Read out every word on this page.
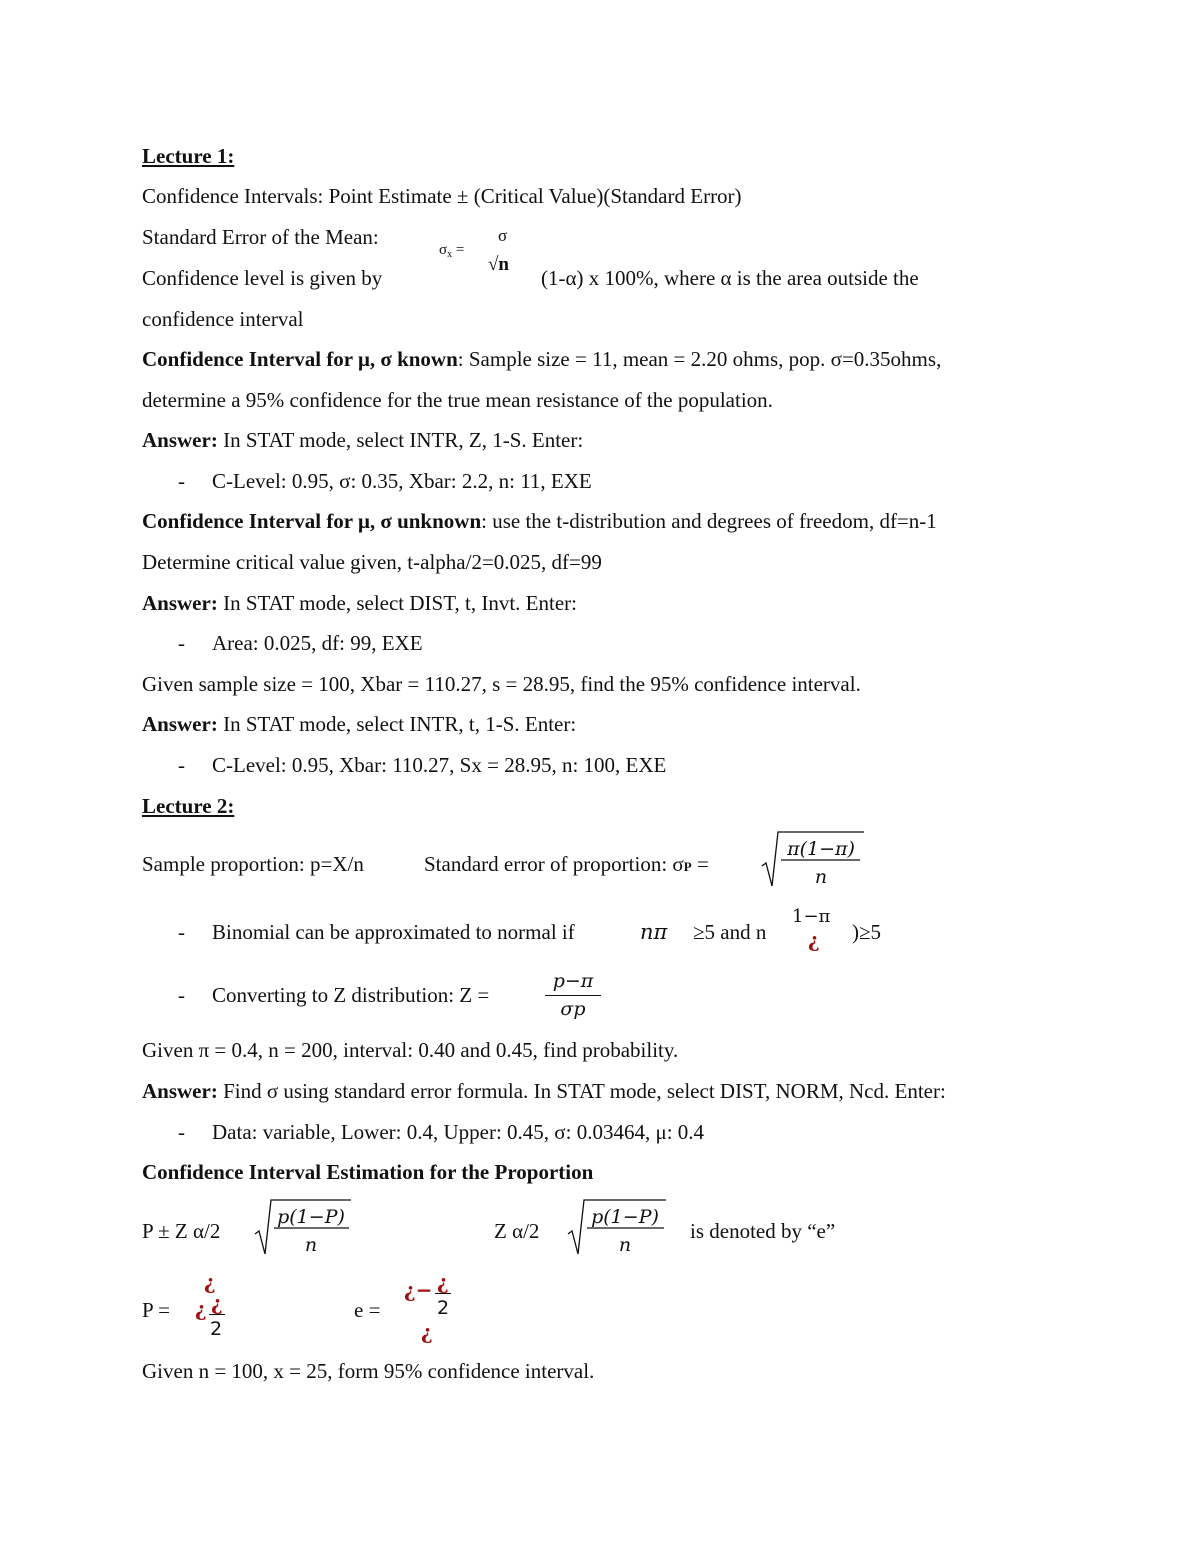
Lecture 1:
Confidence Intervals: Point Estimate ± (Critical Value)(Standard Error)
Standard Error of the Mean:
$\sigma_x$ =
σ
√n
Confidence level is given by	(1-α) x 100%, where α is the area outside the
confidence interval
Confidence Interval for μ, σ known: Sample size = 11, mean = 2.20 ohms, pop. σ=0.35ohms,
determine a 95% confidence for the true mean resistance of the population.
Answer: In STAT mode, select INTR, Z, 1-S. Enter:
- C-Level: 0.95, σ: 0.35, Xbar: 2.2, n: 11, EXE
Confidence Interval for μ, σ unknown: use the t-distribution and degrees of freedom, df=n-1
Determine critical value given, t-alpha/2=0.025, df=99
Answer: In STAT mode, select DIST, t, Invt. Enter:
- Area: 0.025, df: 99, EXE
Given sample size = 100, Xbar = 110.27, s = 28.95, find the 95% confidence interval.
Answer: In STAT mode, select INTR, t, 1-S. Enter:
- C-Level: 0.95, Xbar: 110.27, Sx = 28.95, n: 100, EXE
Lecture 2:
Sample proportion: p=X/n	Standard error of proportion: σP =
π(1−π)
n
- Binomial can be approximated to normal if	nπ ≥5 and n
1−π
¿ )≥5
- Converting to Z distribution: Z =
p−π
σp
Given π = 0.4, n = 200, interval: 0.40 and 0.45, find probability.
Answer: Find σ using standard error formula. In STAT mode, select DIST, NORM, Ncd. Enter:
- Data: variable, Lower: 0.4, Upper: 0.45, σ: 0.03464, μ: 0.4
Confidence Interval Estimation for the Proportion
P ± Z α/2
p(1−P)
n
Z α/2
p(1−P)
n
is denoted by “e”
P =
¿
¿ ¿
2
e =
¿− ¿
2
¿
Given n = 100, x = 25, form 95% confidence interval.
